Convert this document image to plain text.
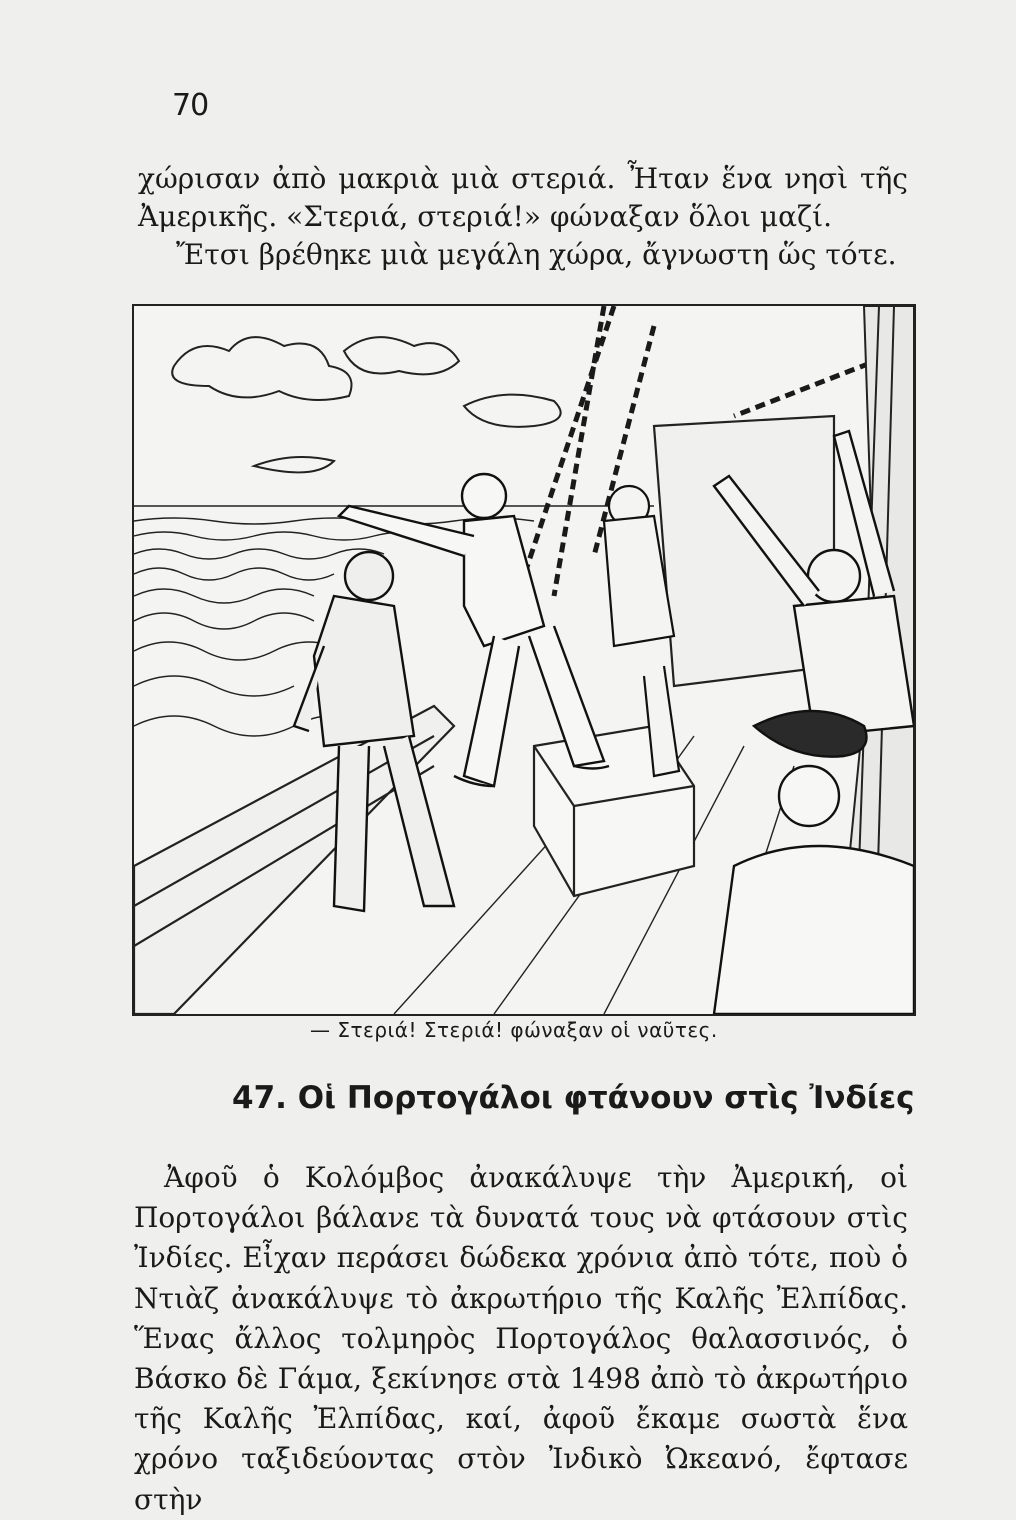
70

χώρισαν ἀπὸ μακριὰ μιὰ στεριά. Ἦταν ἕνα νησὶ τῆς Ἀμερικῆς. «Στεριά, στεριά!» φώναξαν ὅλοι μαζί.

Ἔτσι βρέθηκε μιὰ μεγάλη χώρα, ἄγνωστη ὥς τότε.

— Στεριά! Στεριά! φώναξαν οἱ ναῦτες.
47. Οἱ Πορτογάλοι φτάνουν στὶς Ἰνδίες

Ἀφοῦ ὁ Κολόμβος ἀνακάλυψε τὴν Ἀμερική, οἱ Πορτογάλοι βάλανε τὰ δυνατά τους νὰ φτάσουν στὶς Ἰνδίες. Εἶχαν περάσει δώδεκα χρόνια ἀπὸ τότε, ποὺ ὁ Ντιὰζ ἀνακάλυψε τὸ ἀκρωτήριο τῆς Καλῆς Ἐλπίδας. Ἕνας ἄλλος τολμηρὸς Πορτογάλος θαλασσινός, ὁ Βάσκο δὲ Γάμα, ξεκίνησε στὰ 1498 ἀπὸ τὸ ἀκρωτήριο τῆς Καλῆς Ἐλπίδας, καί, ἀφοῦ ἔκαμε σωστὰ ἕνα χρόνο ταξιδεύοντας στὸν Ἰνδικὸ Ὠκεανό, ἔφτασε στὴν
